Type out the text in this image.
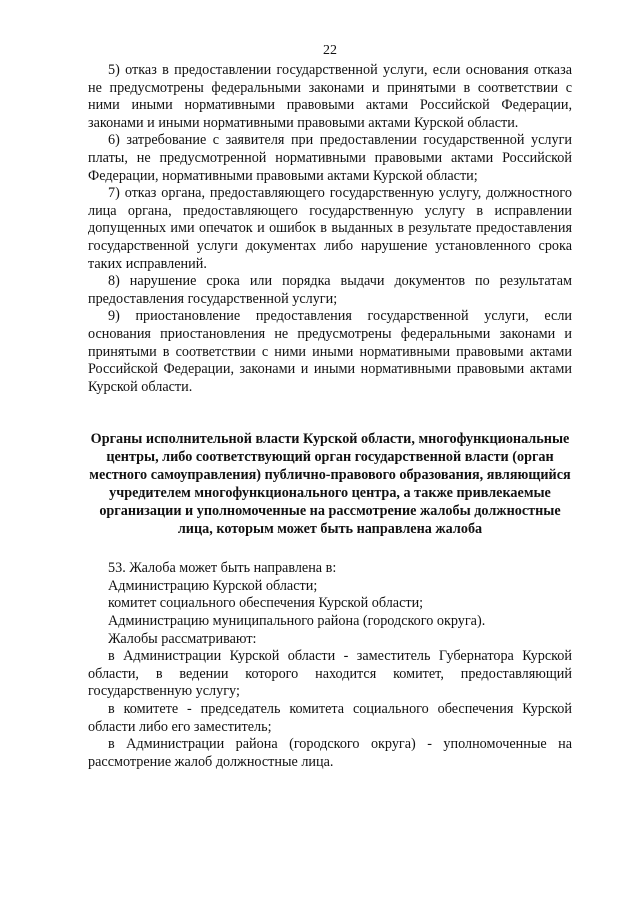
22

5) отказ в предоставлении государственной услуги, если основания отказа не предусмотрены федеральными законами и принятыми в соответствии с ними иными нормативными правовыми актами Российской Федерации, законами и иными нормативными правовыми актами Курской области.

6) затребование с заявителя при предоставлении государственной услуги платы, не предусмотренной нормативными правовыми актами Российской Федерации, нормативными правовыми актами Курской области;

7) отказ органа, предоставляющего государственную услугу, должностного лица органа, предоставляющего государственную услугу в исправлении допущенных ими опечаток и ошибок в выданных в результате предоставления государственной услуги документах либо нарушение установленного срока таких исправлений.

8) нарушение срока или порядка выдачи документов по результатам предоставления государственной услуги;

9) приостановление предоставления государственной услуги, если основания приостановления не предусмотрены федеральными законами и принятыми в соответствии с ними иными нормативными правовыми актами Российской Федерации, законами и иными нормативными правовыми актами Курской области.

Органы исполнительной власти Курской области, многофункциональные центры, либо соответствующий орган государственной власти (орган местного самоуправления) публично-правового образования, являющийся учредителем многофункционального центра, а также привлекаемые организации и уполномоченные на рассмотрение жалобы должностные лица, которым может быть направлена жалоба

53. Жалоба может быть направлена в:

Администрацию Курской области;

комитет социального обеспечения Курской области;

Администрацию муниципального района (городского округа).

Жалобы рассматривают:

в Администрации Курской области - заместитель Губернатора Курской области, в ведении которого находится комитет, предоставляющий государственную услугу;

в комитете - председатель комитета социального обеспечения Курской области либо его заместитель;

в Администрации района (городского округа) - уполномоченные на рассмотрение жалоб должностные лица.
